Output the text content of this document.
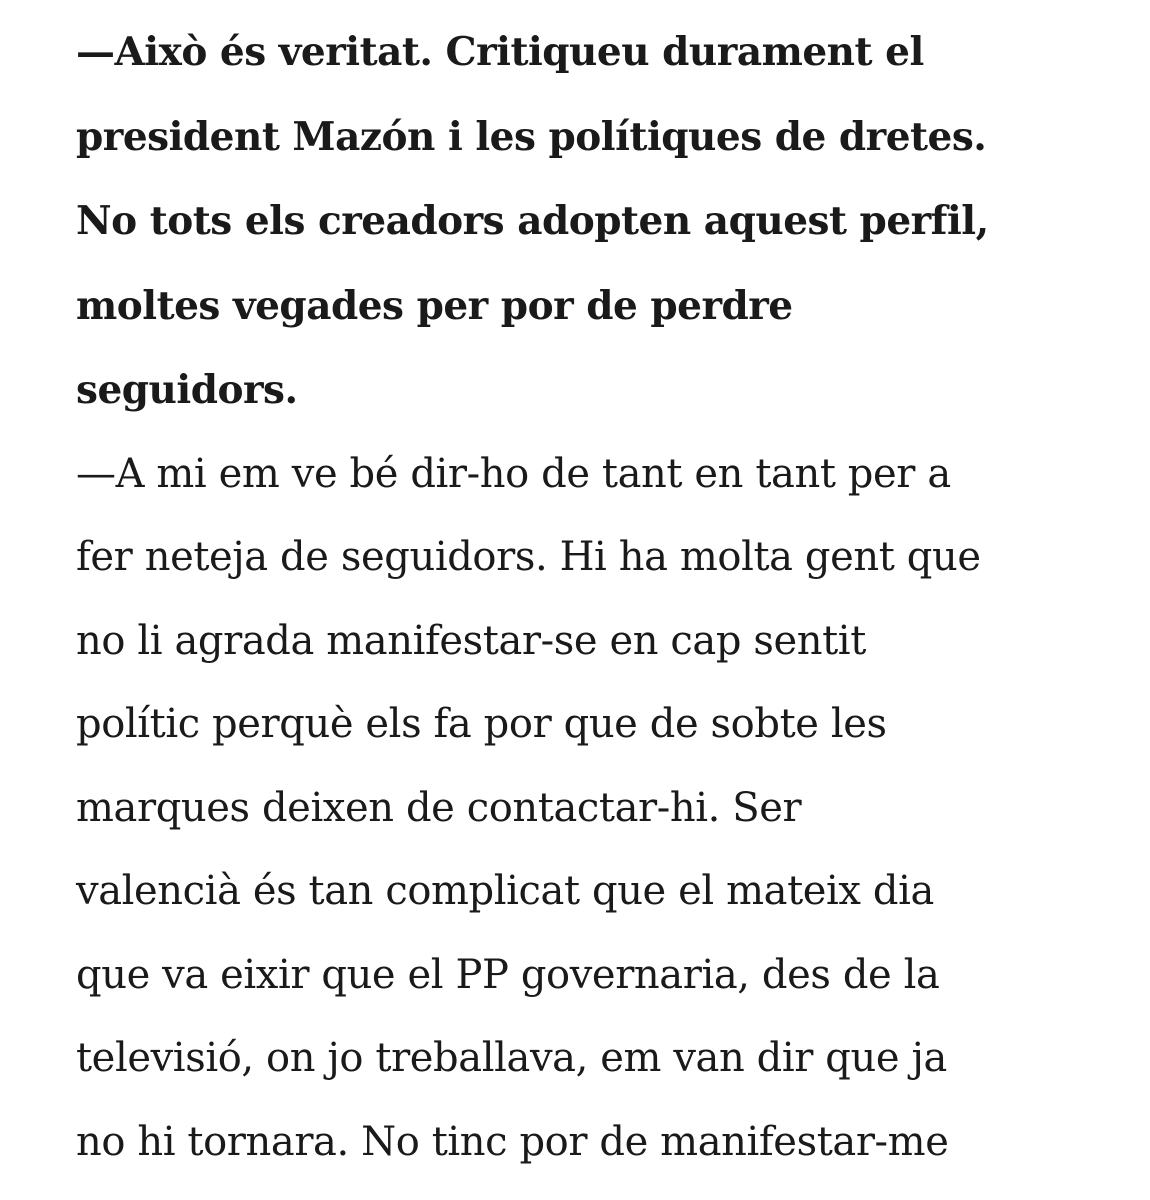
—Això és veritat. Critiqueu durament el
president Mazón i les polítiques de dretes.
No tots els creadors adopten aquest perfil,
moltes vegades per por de perdre
seguidors.

—A mi em ve bé dir-ho de tant en tant per a
fer neteja de seguidors. Hi ha molta gent que
no li agrada manifestar-se en cap sentit
polític perquè els fa por que de sobte les
marques deixen de contactar-hi. Ser
valencià és tan complicat que el mateix dia
que va eixir que el PP governaria, des de la
televisió, on jo treballava, em van dir que ja
no hi tornara. No tinc por de manifestar-me
